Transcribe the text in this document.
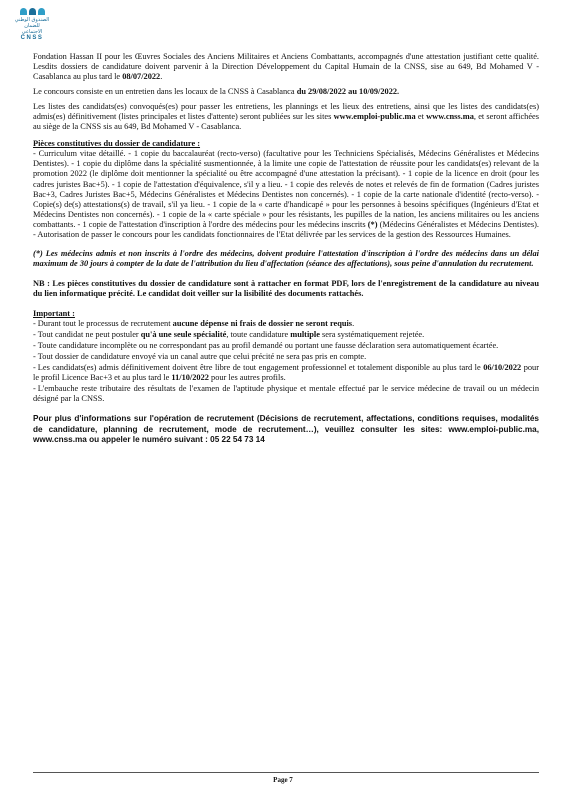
الصندوق الوطني للضمان الاجتماعي
CNSS

Fondation Hassan II pour les Œuvres Sociales des Anciens Militaires et Anciens Combattants, accompagnés d'une attestation justifiant cette qualité. Lesdits dossiers de candidature doivent parvenir à la Direction Développement du Capital Humain de la CNSS, sise au 649, Bd Mohamed V - Casablanca au plus tard le 08/07/2022.

Le concours consiste en un entretien dans les locaux de la CNSS à Casablanca du 29/08/2022 au 10/09/2022.

Les listes des candidats(es) convoqués(es) pour passer les entretiens, les plannings et les lieux des entretiens, ainsi que les listes des candidats(es) admis(es) définitivement (listes principales et listes d'attente) seront publiées sur les sites www.emploi-public.ma et www.cnss.ma, et seront affichées au siège de la CNSS sis au 649, Bd Mohamed V - Casablanca.

Pièces constitutives du dossier de candidature :

- Curriculum vitae détaillé. - 1 copie du baccalauréat (recto-verso) (facultative pour les Techniciens Spécialisés, Médecins Généralistes et Médecins Dentistes). - 1 copie du diplôme dans la spécialité susmentionnée, à la limite une copie de l'attestation de réussite pour les candidats(es) relevant de la promotion 2022 (le diplôme doit mentionner la spécialité ou être accompagné d'une attestation la précisant). - 1 copie de la licence en droit (pour les cadres juristes Bac+5). - 1 copie de l'attestation d'équivalence, s'il y a lieu. - 1 copie des relevés de notes et relevés de fin de formation (Cadres juristes Bac+3, Cadres Juristes Bac+5, Médecins Généralistes et Médecins Dentistes non concernés). - 1 copie de la carte nationale d'identité (recto-verso). - Copie(s) de(s) attestations(s) de travail, s'il ya lieu. - 1 copie de la « carte d'handicapé » pour les personnes à besoins spécifiques (Ingénieurs d'Etat et Médecins Dentistes non concernés). - 1 copie de la « carte spéciale » pour les résistants, les pupilles de la nation, les anciens militaires ou les anciens combattants. - 1 copie de l'attestation d'inscription à l'ordre des médecins pour les médecins inscrits (*) (Médecins Généralistes et Médecins Dentistes). - Autorisation de passer le concours pour les candidats fonctionnaires de l'Etat délivrée par les services de la gestion des Ressources Humaines.

(*) Les médecins admis et non inscrits à l'ordre des médecins, doivent produire l'attestation d'inscription à l'ordre des médecins dans un délai maximum de 30 jours à compter de la date de l'attribution du lieu d'affectation (séance des affectations), sous peine d'annulation du recrutement.

NB : Les pièces constitutives du dossier de candidature sont à rattacher en format PDF, lors de l'enregistrement de la candidature au niveau du lien informatique précité. Le candidat doit veiller sur la lisibilité des documents rattachés.

Important :

- Durant tout le processus de recrutement aucune dépense ni frais de dossier ne seront requis.
- Tout candidat ne peut postuler qu'à une seule spécialité, toute candidature multiple sera systématiquement rejetée.
- Toute candidature incomplète ou ne correspondant pas au profil demandé ou portant une fausse déclaration sera automatiquement écartée.
- Tout dossier de candidature envoyé via un canal autre que celui précité ne sera pas pris en compte.
- Les candidats(es) admis définitivement doivent être libre de tout engagement professionnel et totalement disponible au plus tard le 06/10/2022 pour le profil Licence Bac+3 et au plus tard le 11/10/2022 pour les autres profils.
- L'embauche reste tributaire des résultats de l'examen de l'aptitude physique et mentale effectué par le service médecine de travail ou un médecin désigné par la CNSS.

Pour plus d'informations sur l'opération de recrutement (Décisions de recrutement, affectations, conditions requises, modalités de candidature, planning de recrutement, mode de recrutement…), veuillez consulter les sites: www.emploi-public.ma, www.cnss.ma ou appeler le numéro suivant : 05 22 54 73 14

Page 7
